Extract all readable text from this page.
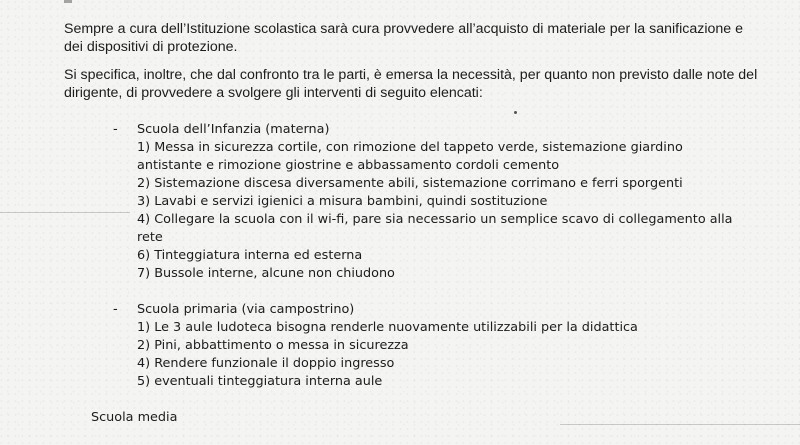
Sempre a cura dell’Istituzione scolastica sarà cura provvedere all’acquisto di materiale per la sanificazione e dei dispositivi di protezione.

Si specifica, inoltre, che dal confronto tra le parti, è emersa la necessità, per quanto non previsto dalle note del dirigente, di provvedere a svolgere gli interventi di seguito elencati:

- Scuola dell’Infanzia (materna)
1) Messa in sicurezza cortile, con rimozione del tappeto verde, sistemazione giardino
antistante e rimozione giostrine e abbassamento cordoli cemento
2) Sistemazione discesa diversamente abili, sistemazione corrimano e ferri sporgenti
3) Lavabi e servizi igienici a misura bambini, quindi sostituzione
4) Collegare la scuola con il wi-fi, pare sia necessario un semplice scavo di collegamento alla
rete
6) Tinteggiatura interna ed esterna
7) Bussole interne, alcune non chiudono
- Scuola primaria (via campostrino)
1) Le 3 aule ludoteca bisogna renderle nuovamente utilizzabili per la didattica
2) Pini, abbattimento o messa in sicurezza
4) Rendere funzionale il doppio ingresso
5) eventuali tinteggiatura interna aule
Scuola media
